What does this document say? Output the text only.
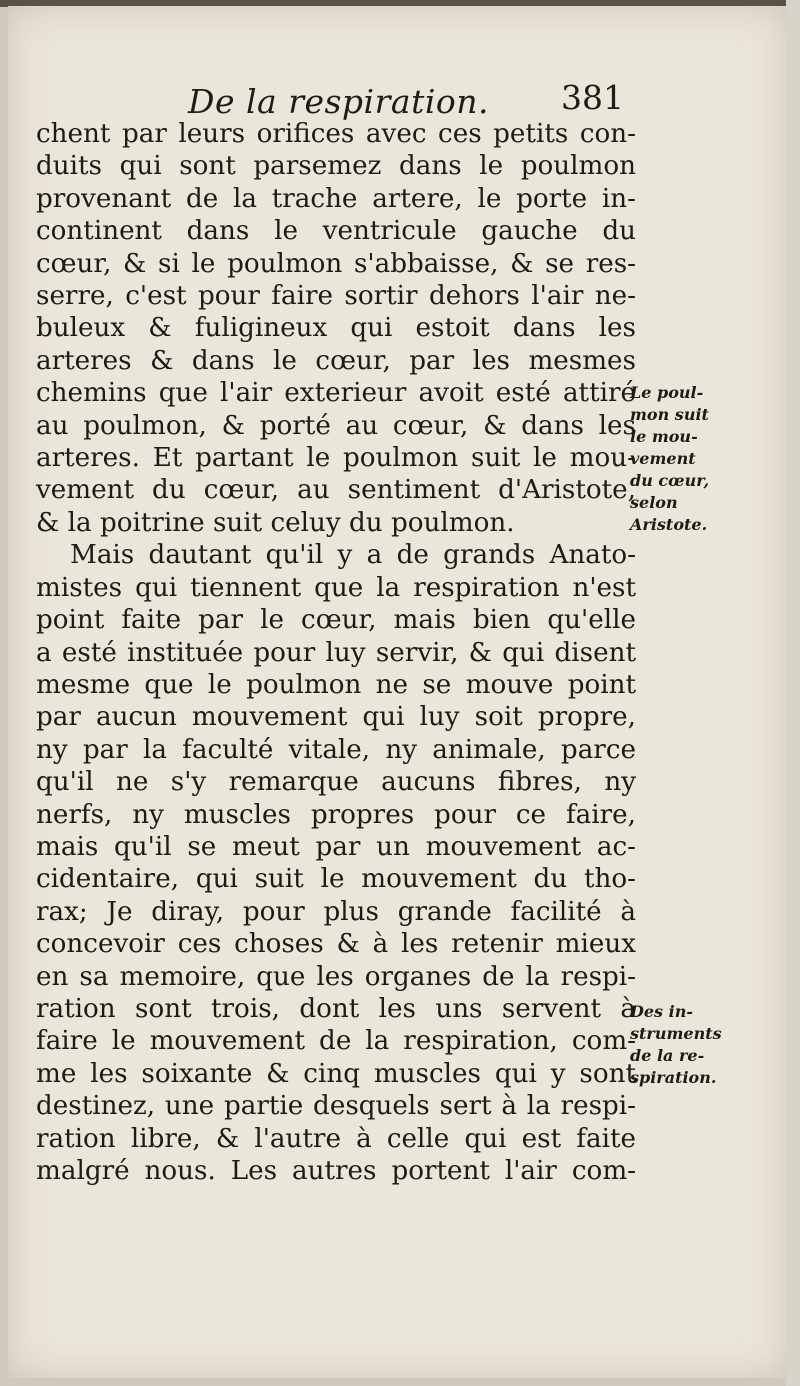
De la respiration. 381
chent par leurs orifices avec ces petits con-
duits qui sont parsemez dans le poulmon
provenant de la trache artere, le porte in-
continent dans le ventricule gauche du
cœur, & si le poulmon s'abbaisse, & se res-
serre, c'est pour faire sortir dehors l'air ne-
buleux & fuligineux qui estoit dans les
arteres & dans le cœur, par les mesmes
chemins que l'air exterieur avoit esté attiré
au poulmon, & porté au cœur, & dans les
arteres. Et partant le poulmon suit le mou-
vement du cœur, au sentiment d'Aristote,
& la poitrine suit celuy du poulmon.
Mais dautant qu'il y a de grands Anato-
mistes qui tiennent que la respiration n'est
point faite par le cœur, mais bien qu'elle
a esté instituée pour luy servir, & qui disent
mesme que le poulmon ne se mouve point
par aucun mouvement qui luy soit propre,
ny par la faculté vitale, ny animale, parce
qu'il ne s'y remarque aucuns fibres, ny
nerfs, ny muscles propres pour ce faire,
mais qu'il se meut par un mouvement ac-
cidentaire, qui suit le mouvement du tho-
rax; Je diray, pour plus grande facilité à
concevoir ces choses & à les retenir mieux
en sa memoire, que les organes de la respi-
ration sont trois, dont les uns servent à
faire le mouvement de la respiration, com-
me les soixante & cinq muscles qui y sont
destinez, une partie desquels sert à la respi-
ration libre, & l'autre à celle qui est faite
malgré nous. Les autres portent l'air com-
Le poul-
mon suit
le mou-
vement
du cœur,
selon
Aristote.
Des in-
struments
de la re-
spiration.
